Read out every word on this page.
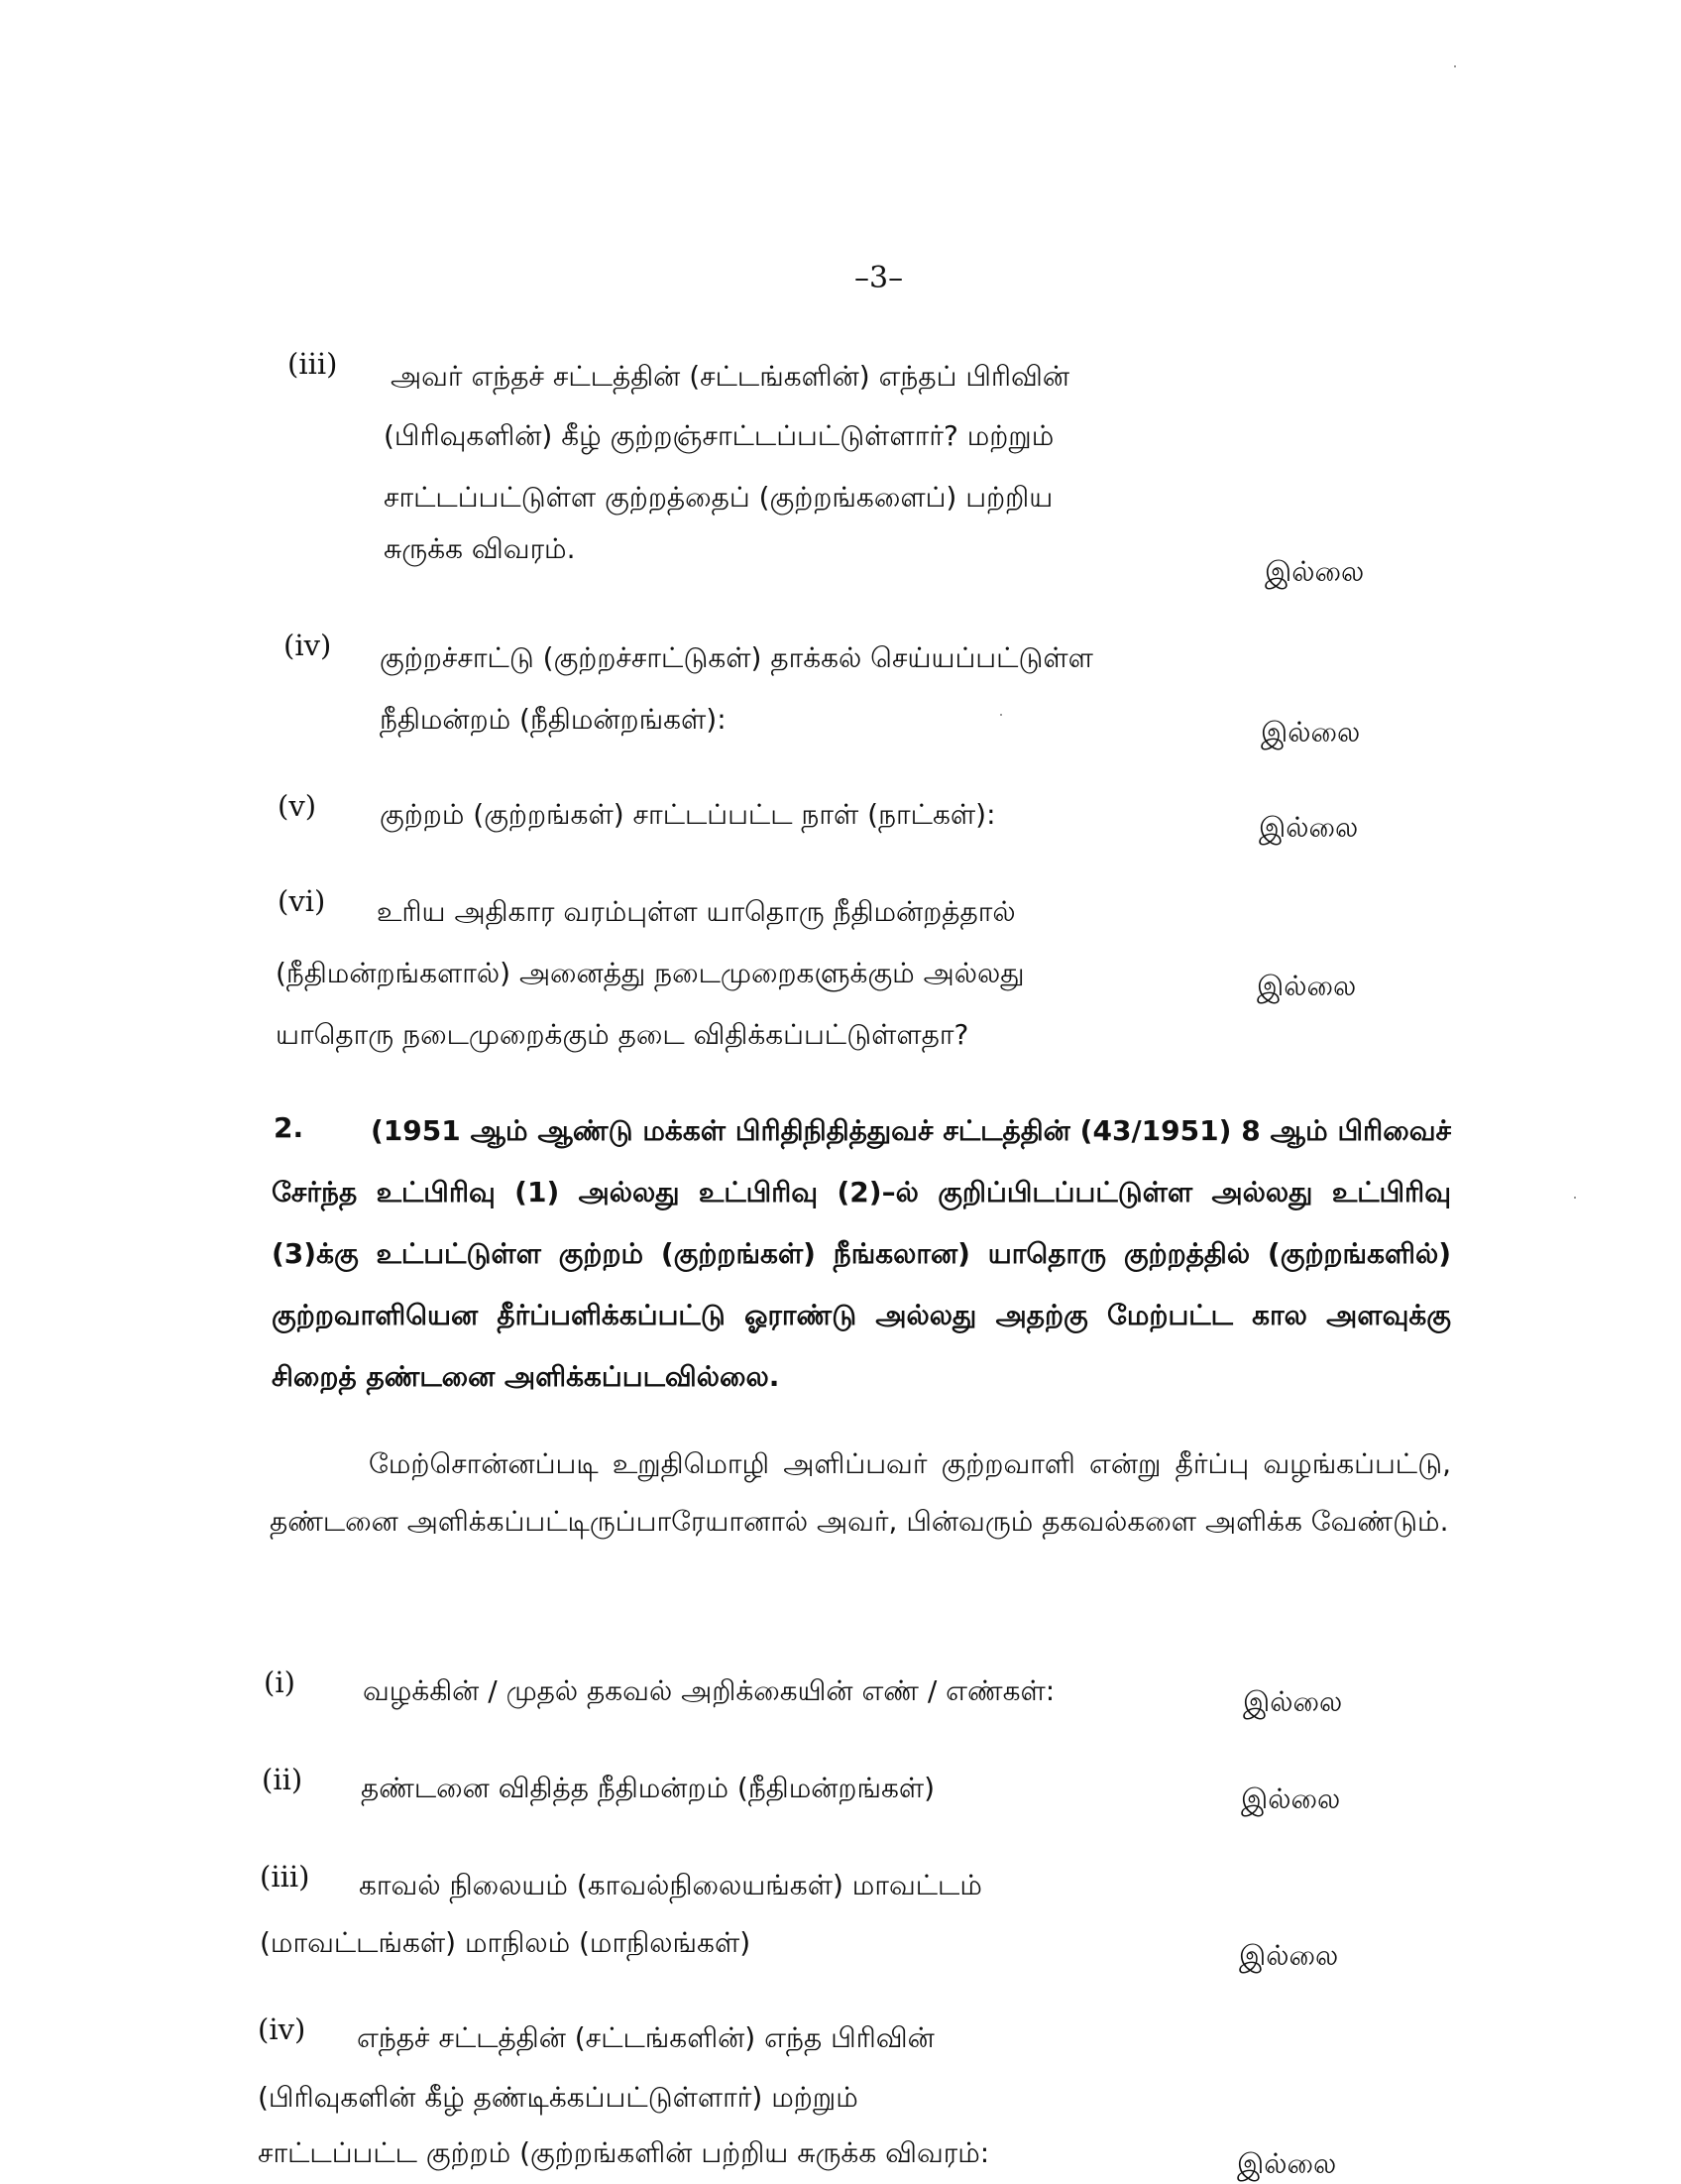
–3–
(iii) அவர் எந்தச் சட்டத்தின் (சட்டங்களின்) எந்தப் பிரிவின்
(பிரிவுகளின்) கீழ் குற்றஞ்சாட்டப்பட்டுள்ளார்? மற்றும்
சாட்டப்பட்டுள்ள குற்றத்தைப் (குற்றங்களைப்) பற்றிய
சுருக்க விவரம்.
இல்லை
(iv) குற்றச்சாட்டு (குற்றச்சாட்டுகள்) தாக்கல் செய்யப்பட்டுள்ள
நீதிமன்றம் (நீதிமன்றங்கள்):	இல்லை
(v) குற்றம் (குற்றங்கள்) சாட்டப்பட்ட நாள் (நாட்கள்):	இல்லை
(vi) உரிய அதிகார வரம்புள்ள யாதொரு நீதிமன்றத்தால்
(நீதிமன்றங்களால்) அனைத்து நடைமுறைகளுக்கும் அல்லது
யாதொரு நடைமுறைக்கும் தடை விதிக்கப்பட்டுள்ளதா?
இல்லை
2.	(1951 ஆம் ஆண்டு மக்கள் பிரிதிநிதித்துவச் சட்டத்தின் (43/1951) 8 ஆம் பிரிவைச் சேர்ந்த உட்பிரிவு (1) அல்லது உட்பிரிவு (2)–ல் குறிப்பிடப்பட்டுள்ள அல்லது உட்பிரிவு (3)க்கு உட்பட்டுள்ள குற்றம் (குற்றங்கள்) நீங்கலான) யாதொரு குற்றத்தில் (குற்றங்களில்) குற்றவாளியென தீர்ப்பளிக்கப்பட்டு ஓராண்டு அல்லது அதற்கு மேற்பட்ட கால அளவுக்கு சிறைத் தண்டனை அளிக்கப்படவில்லை.
மேற்சொன்னப்படி உறுதிமொழி அளிப்பவர் குற்றவாளி என்று தீர்ப்பு வழங்கப்பட்டு, தண்டனை அளிக்கப்பட்டிருப்பாரேயானால் அவர், பின்வரும் தகவல்களை அளிக்க வேண்டும்.
(i) வழக்கின் / முதல் தகவல் அறிக்கையின் எண் / எண்கள்:	இல்லை
(ii) தண்டனை விதித்த நீதிமன்றம் (நீதிமன்றங்கள்)	இல்லை
(iii) காவல் நிலையம் (காவல்நிலையங்கள்) மாவட்டம்
(மாவட்டங்கள்) மாநிலம் (மாநிலங்கள்)	இல்லை
(iv) எந்தச் சட்டத்தின் (சட்டங்களின்) எந்த பிரிவின்
(பிரிவுகளின் கீழ் தண்டிக்கப்பட்டுள்ளார்) மற்றும்
சாட்டப்பட்ட குற்றம் (குற்றங்களின் பற்றிய சுருக்க விவரம்:	இல்லை
